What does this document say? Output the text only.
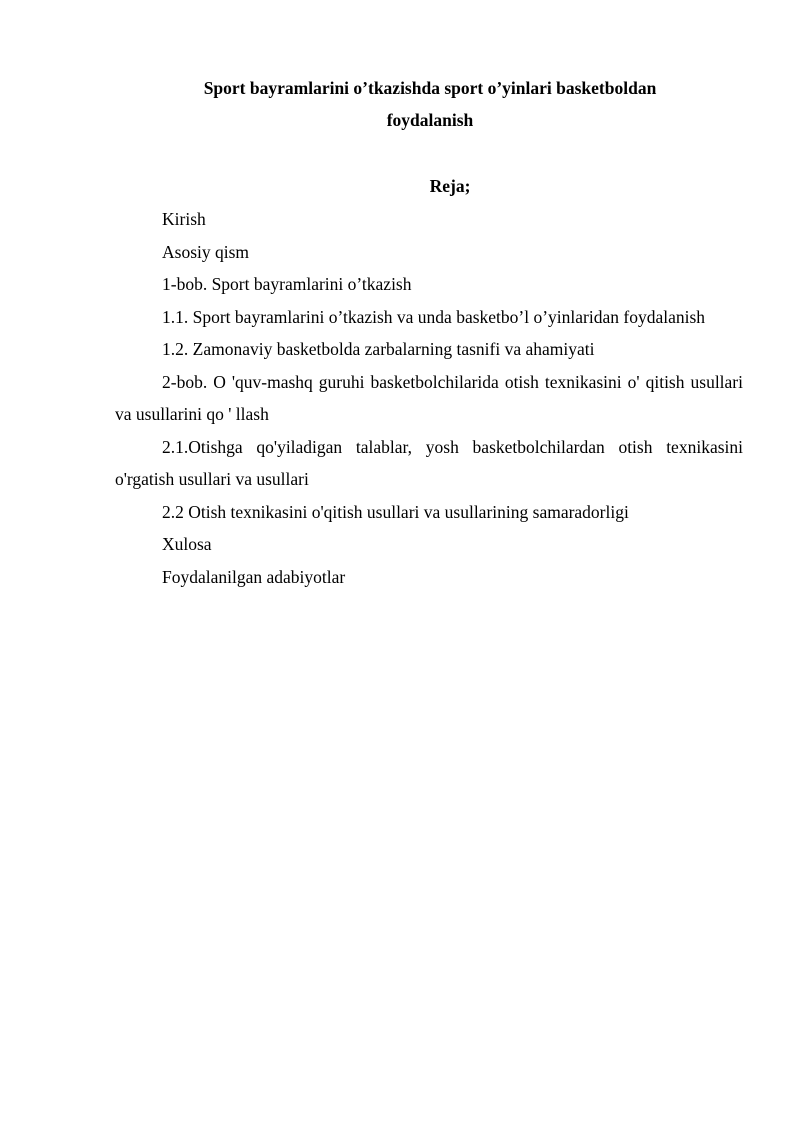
Sport bayramlarini o’tkazishda sport o’yinlari basketboldan
foydalanish
Reja;
Kirish
Asosiy qism
1-bob. Sport bayramlarini o’tkazish
1.1. Sport bayramlarini o’tkazish va unda basketbo’l o’yinlaridan foydalanish
1.2. Zamonaviy basketbolda zarbalarning tasnifi va ahamiyati
2-bob. O 'quv-mashq guruhi basketbolchilarida otish texnikasini o' qitish usullari va usullarini qo ' llash
2.1.Otishga qo'yiladigan talablar, yosh basketbolchilardan otish texnikasini o'rgatish usullari va usullari
2.2 Otish texnikasini o'qitish usullari va usullarining samaradorligi
Xulosa
Foydalanilgan adabiyotlar
